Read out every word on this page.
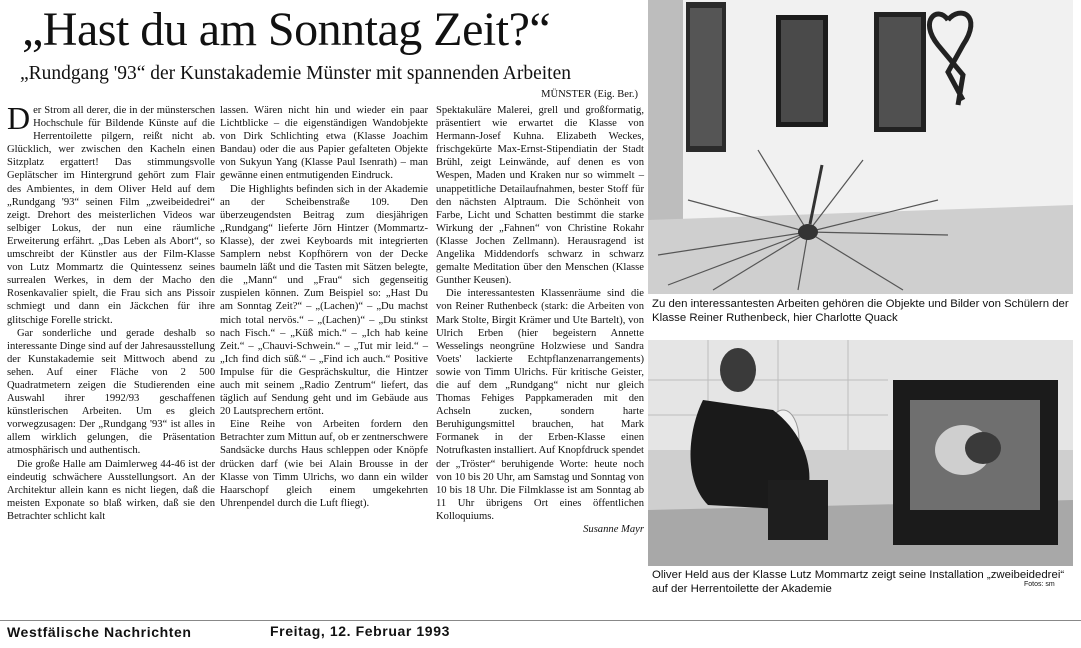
„Hast du am Sonntag Zeit?“
„Rundgang '93“ der Kunstakademie Münster mit spannenden Arbeiten
MÜNSTER (Eig. Ber.)

Der Strom all derer, die in der münsterschen Hochschule für Bildende Künste auf die Herrentoilette pilgern, reißt nicht ab. Glücklich, wer zwischen den Kacheln einen Sitzplatz ergattert! Das stimmungsvolle Geplätscher im Hintergrund gehört zum Flair des Ambientes, in dem Oliver Held auf dem „Rundgang '93“ seinen Film „zweibeidedrei“ zeigt. Drehort des meisterlichen Videos war selbiger Lokus, der nun eine räumliche Erweiterung erfährt. „Das Leben als Abort“, so umschreibt der Künstler aus der Film-Klasse von Lutz Mommartz die Quintessenz seines surrealen Werkes, in dem der Macho den Rosenkavalier spielt, die Frau sich ans Pissoir schmiegt und dann ein Jäckchen für ihre glitschige Forelle strickt.

Gar sonderliche und gerade deshalb so interessante Dinge sind auf der Jahresausstellung der Kunstakademie seit Mittwoch abend zu sehen. Auf einer Fläche von 2 500 Quadratmetern zeigen die Studierenden eine Auswahl ihrer 1992/93 geschaffenen künstlerischen Arbeiten. Um es gleich vorwegzusagen: Der „Rundgang '93“ ist alles in allem wirklich gelungen, die Präsentation atmosphärisch und authentisch.

Die große Halle am Daimlerweg 44-46 ist der eindeutig schwächere Ausstellungsort. An der Architektur allein kann es nicht liegen, daß die meisten Exponate so blaß wirken, daß sie den Betrachter schlicht kalt

lassen. Wären nicht hin und wieder ein paar Lichtblicke – die eigenständigen Wandobjekte von Dirk Schlichting etwa (Klasse Joachim Bandau) oder die aus Papier gefalteten Objekte von Sukyun Yang (Klasse Paul Isenrath) – man gewänne einen entmutigenden Eindruck.

Die Highlights befinden sich in der Akademie an der Scheibenstraße 109. Den überzeugendsten Beitrag zum diesjährigen „Rundgang“ lieferte Jörn Hintzer (Mommartz-Klasse), der zwei Keyboards mit integrierten Samplern nebst Kopfhörern von der Decke baumeln läßt und die Tasten mit Sätzen belegte, die „Mann“ und „Frau“ sich gegenseitig zuspielen können. Zum Beispiel so: „Hast Du am Sonntag Zeit?“ – „(Lachen)“ – „Du machst mich total nervös.“ – „(Lachen)“ – „Du stinkst nach Fisch.“ – „Küß mich.“ – „Ich hab keine Zeit.“ – „Chauvi-Schwein.“ – „Tut mir leid.“ – „Ich find dich süß.“ – „Find ich auch.“ Positive Impulse für die Gesprächskultur, die Hintzer auch mit seinem „Radio Zentrum“ liefert, das täglich auf Sendung geht und im Gebäude aus 20 Lautsprechern ertönt.

Eine Reihe von Arbeiten fordern den Betrachter zum Mittun auf, ob er zentnerschwere Sandsäcke durchs Haus schleppen oder Knöpfe drücken darf (wie bei Alain Brousse in der Klasse von Timm Ulrichs, wo dann ein wilder Haarschopf gleich einem umgekehrten Uhrenpendel durch die Luft fliegt).

Spektakuläre Malerei, grell und großformatig, präsentiert wie erwartet die Klasse von Hermann-Josef Kuhna. Elizabeth Weckes, frischgekürte Max-Ernst-Stipendiatin der Stadt Brühl, zeigt Leinwände, auf denen es von Wespen, Maden und Kraken nur so wimmelt – unappetitliche Detailaufnahmen, bester Stoff für den nächsten Alptraum. Die Schönheit von Farbe, Licht und Schatten bestimmt die starke Wirkung der „Fahnen“ von Christine Rokahr (Klasse Jochen Zellmann). Herausragend ist Angelika Middendorfs schwarz in schwarz gemalte Meditation über den Menschen (Klasse Gunther Keusen).

Die interessantesten Klassenräume sind die von Reiner Ruthenbeck (stark: die Arbeiten von Mark Stolte, Birgit Krämer und Ute Bartelt), von Ulrich Erben (hier begeistern Annette Wesselings neongrüne Holzwiese und Sandra Voets' lackierte Echtpflanzenarrangements) sowie von Timm Ulrichs. Für kritische Geister, die auf dem „Rundgang“ nicht nur gleich Thomas Fehiges Pappkameraden mit den Achseln zucken, sondern harte Beruhigungsmittel brauchen, hat Mark Formanek in der Erben-Klasse einen Notrufkasten installiert. Auf Knopfdruck spendet der „Tröster“ beruhigende Worte: heute noch von 10 bis 20 Uhr, am Samstag und Sonntag von 10 bis 18 Uhr. Die Filmklasse ist am Sonntag ab 11 Uhr übrigens Ort eines öffentlichen Kolloquiums.

Susanne Mayr
Zu den interessantesten Arbeiten gehören die Objekte und Bilder von Schülern der Klasse Reiner Ruthenbeck, hier Charlotte Quack
Oliver Held aus der Klasse Lutz Mommartz zeigt seine Installation „zweibeidedrei“ auf der Herrentoilette der Akademie	Fotos: sm
Westfälische Nachrichten	Freitag, 12. Februar 1993
